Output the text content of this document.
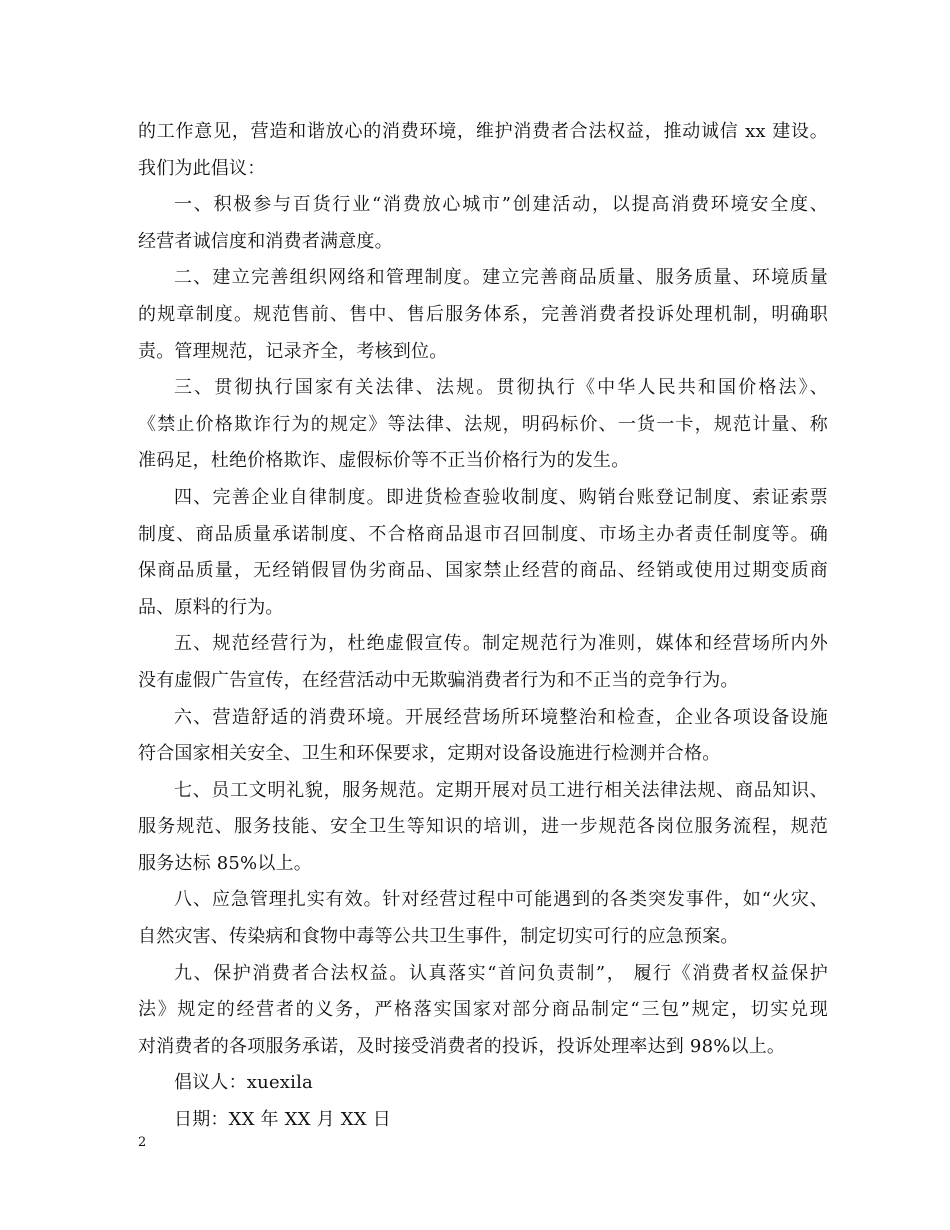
的工作意见，营造和谐放心的消费环境，维护消费者合法权益，推动诚信 xx 建设。
我们为此倡议：
一、积极参与百货行业“消费放心城市”创建活动，以提高消费环境安全度、
经营者诚信度和消费者满意度。
二、建立完善组织网络和管理制度。建立完善商品质量、服务质量、环境质量
的规章制度。规范售前、售中、售后服务体系，完善消费者投诉处理机制，明确职
责。管理规范，记录齐全，考核到位。
三、贯彻执行国家有关法律、法规。贯彻执行《中华人民共和国价格法》、
《禁止价格欺诈行为的规定》等法律、法规，明码标价、一货一卡，规范计量、称
准码足，杜绝价格欺诈、虚假标价等不正当价格行为的发生。
四、完善企业自律制度。即进货检查验收制度、购销台账登记制度、索证索票
制度、商品质量承诺制度、不合格商品退市召回制度、市场主办者责任制度等。确
保商品质量，无经销假冒伪劣商品、国家禁止经营的商品、经销或使用过期变质商
品、原料的行为。
五、规范经营行为，杜绝虚假宣传。制定规范行为准则，媒体和经营场所内外
没有虚假广告宣传，在经营活动中无欺骗消费者行为和不正当的竞争行为。
六、营造舒适的消费环境。开展经营场所环境整治和检查，企业各项设备设施
符合国家相关安全、卫生和环保要求，定期对设备设施进行检测并合格。
七、员工文明礼貌，服务规范。定期开展对员工进行相关法律法规、商品知识、
服务规范、服务技能、安全卫生等知识的培训，进一步规范各岗位服务流程，规范
服务达标 85%以上。
八、应急管理扎实有效。针对经营过程中可能遇到的各类突发事件，如“火灾、
自然灾害、传染病和食物中毒等公共卫生事件，制定切实可行的应急预案。
九、保护消费者合法权益。认真落实“首问负责制”， 履行《消费者权益保护
法》规定的经营者的义务，严格落实国家对部分商品制定“三包”规定，切实兑现
对消费者的各项服务承诺，及时接受消费者的投诉，投诉处理率达到 98%以上。
倡议人：xuexila
日期：XX 年 XX 月 XX 日
2
